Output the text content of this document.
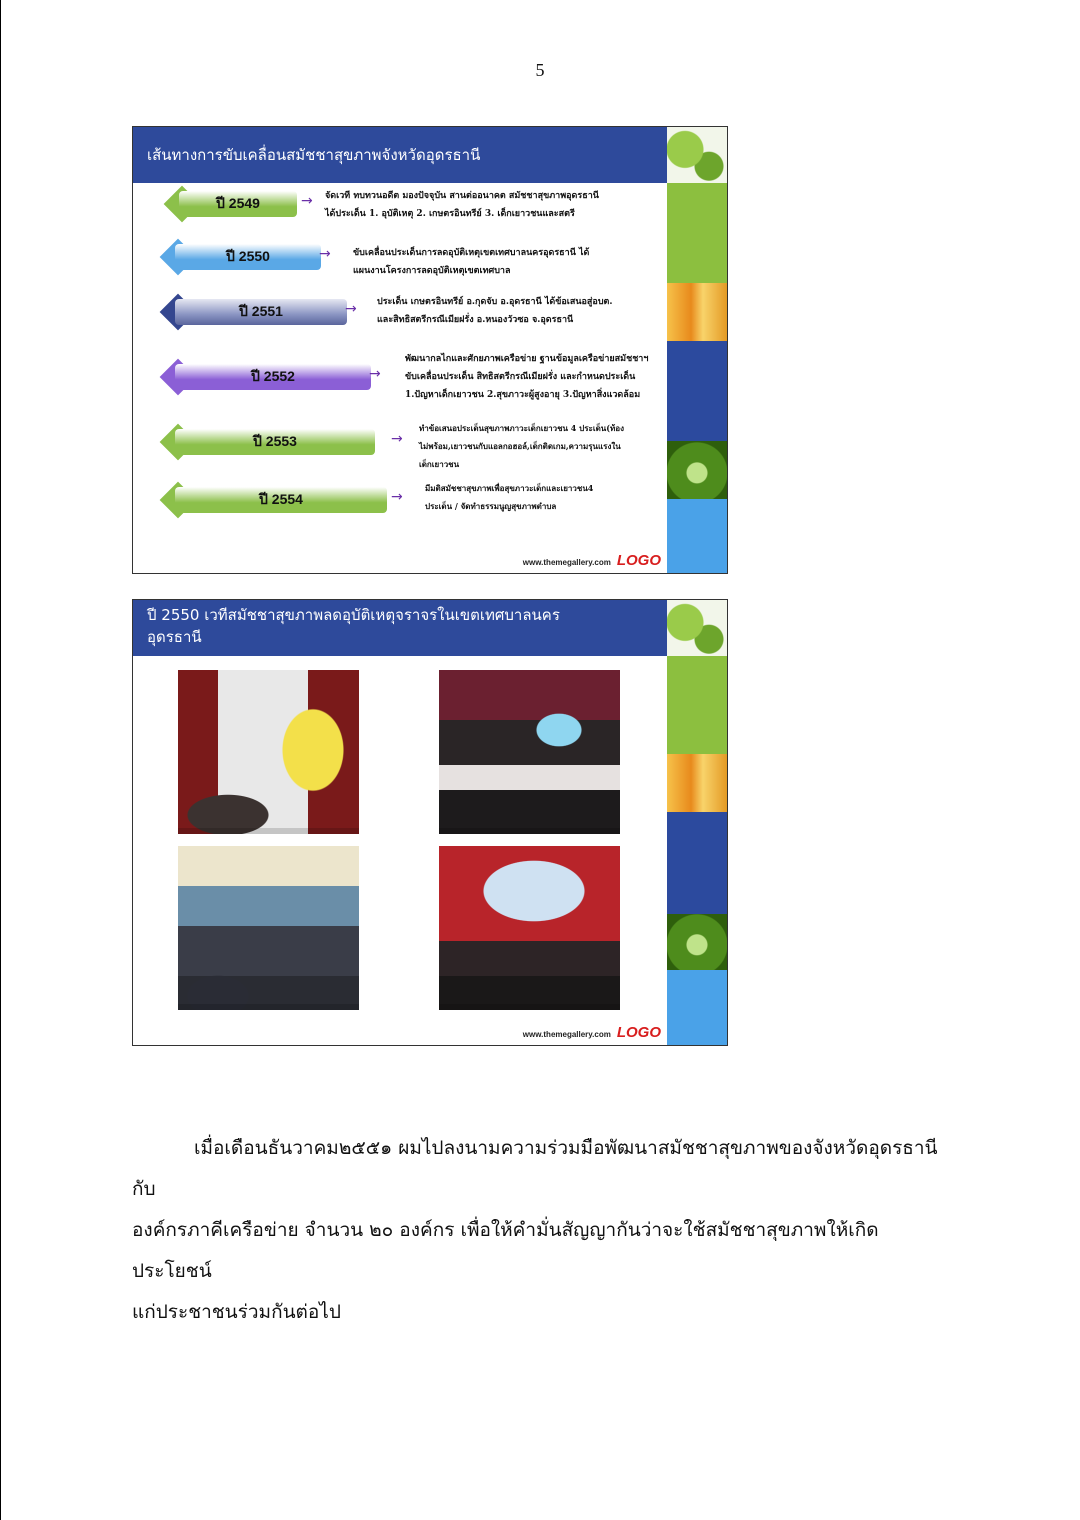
5
เส้นทางการขับเคลื่อนสมัชชาสุขภาพจังหวัดอุดรธานี
ปี 2549	→ จัดเวที ทบทวนอดีต มองปัจจุบัน สานต่ออนาคต สมัชชาสุขภาพอุดรธานี
ได้ประเด็น 1. อุบัติเหตุ 2. เกษตรอินทรีย์ 3. เด็กเยาวชนและสตรี
ปี 2550	→ ขับเคลื่อนประเด็นการลดอุบัติเหตุเขตเทศบาลนครอุดรธานี ได้
แผนงานโครงการลดอุบัติเหตุเขตเทศบาล
ปี 2551	→ ประเด็น เกษตรอินทรีย์ อ.กุดจับ อ.อุดรธานี ได้ข้อเสนอสู่อบต.
และสิทธิสตรีกรณีเมียฝรั่ง อ.หนองวัวซอ จ.อุดรธานี
ปี 2552	→
พัฒนากลไกและศักยภาพเครือข่าย ฐานข้อมูลเครือข่ายสมัชชาฯ
ขับเคลื่อนประเด็น สิทธิสตรีกรณีเมียฝรั่ง และกำหนดประเด็น
1.ปัญหาเด็กเยาวชน 2.สุขภาวะผู้สูงอายุ 3.ปัญหาสิ่งแวดล้อม
ปี 2553	→
ทำข้อเสนอประเด็นสุขภาพภาวะเด็กเยาวชน 4 ประเด็น(ท้อง
ไม่พร้อม,เยาวชนกับแอลกอฮอล์,เด็กติดเกม,ความรุนแรงใน
เด็กเยาวชน
ปี 2554	→
มีมติสมัชชาสุขภาพเพื่อสุขภาวะเด็กและเยาวชน4
ประเด็น / จัดทำธรรมนูญสุขภาพตำบล
www.themegallery.com LOGO
ปี 2550 เวทีสมัชชาสุขภาพลดอุบัติเหตุจราจรในเขตเทศบาลนคร
อุดรธานี
www.themegallery.com LOGO
เมื่อเดือนธันวาคม๒๕๕๑ ผมไปลงนามความร่วมมือพัฒนาสมัชชาสุขภาพของจังหวัดอุดรธานีกับ
องค์กรภาคีเครือข่าย จำนวน ๒๐ องค์กร เพื่อให้คำมั่นสัญญากันว่าจะใช้สมัชชาสุขภาพให้เกิดประโยชน์
แก่ประชาชนร่วมกันต่อไป
